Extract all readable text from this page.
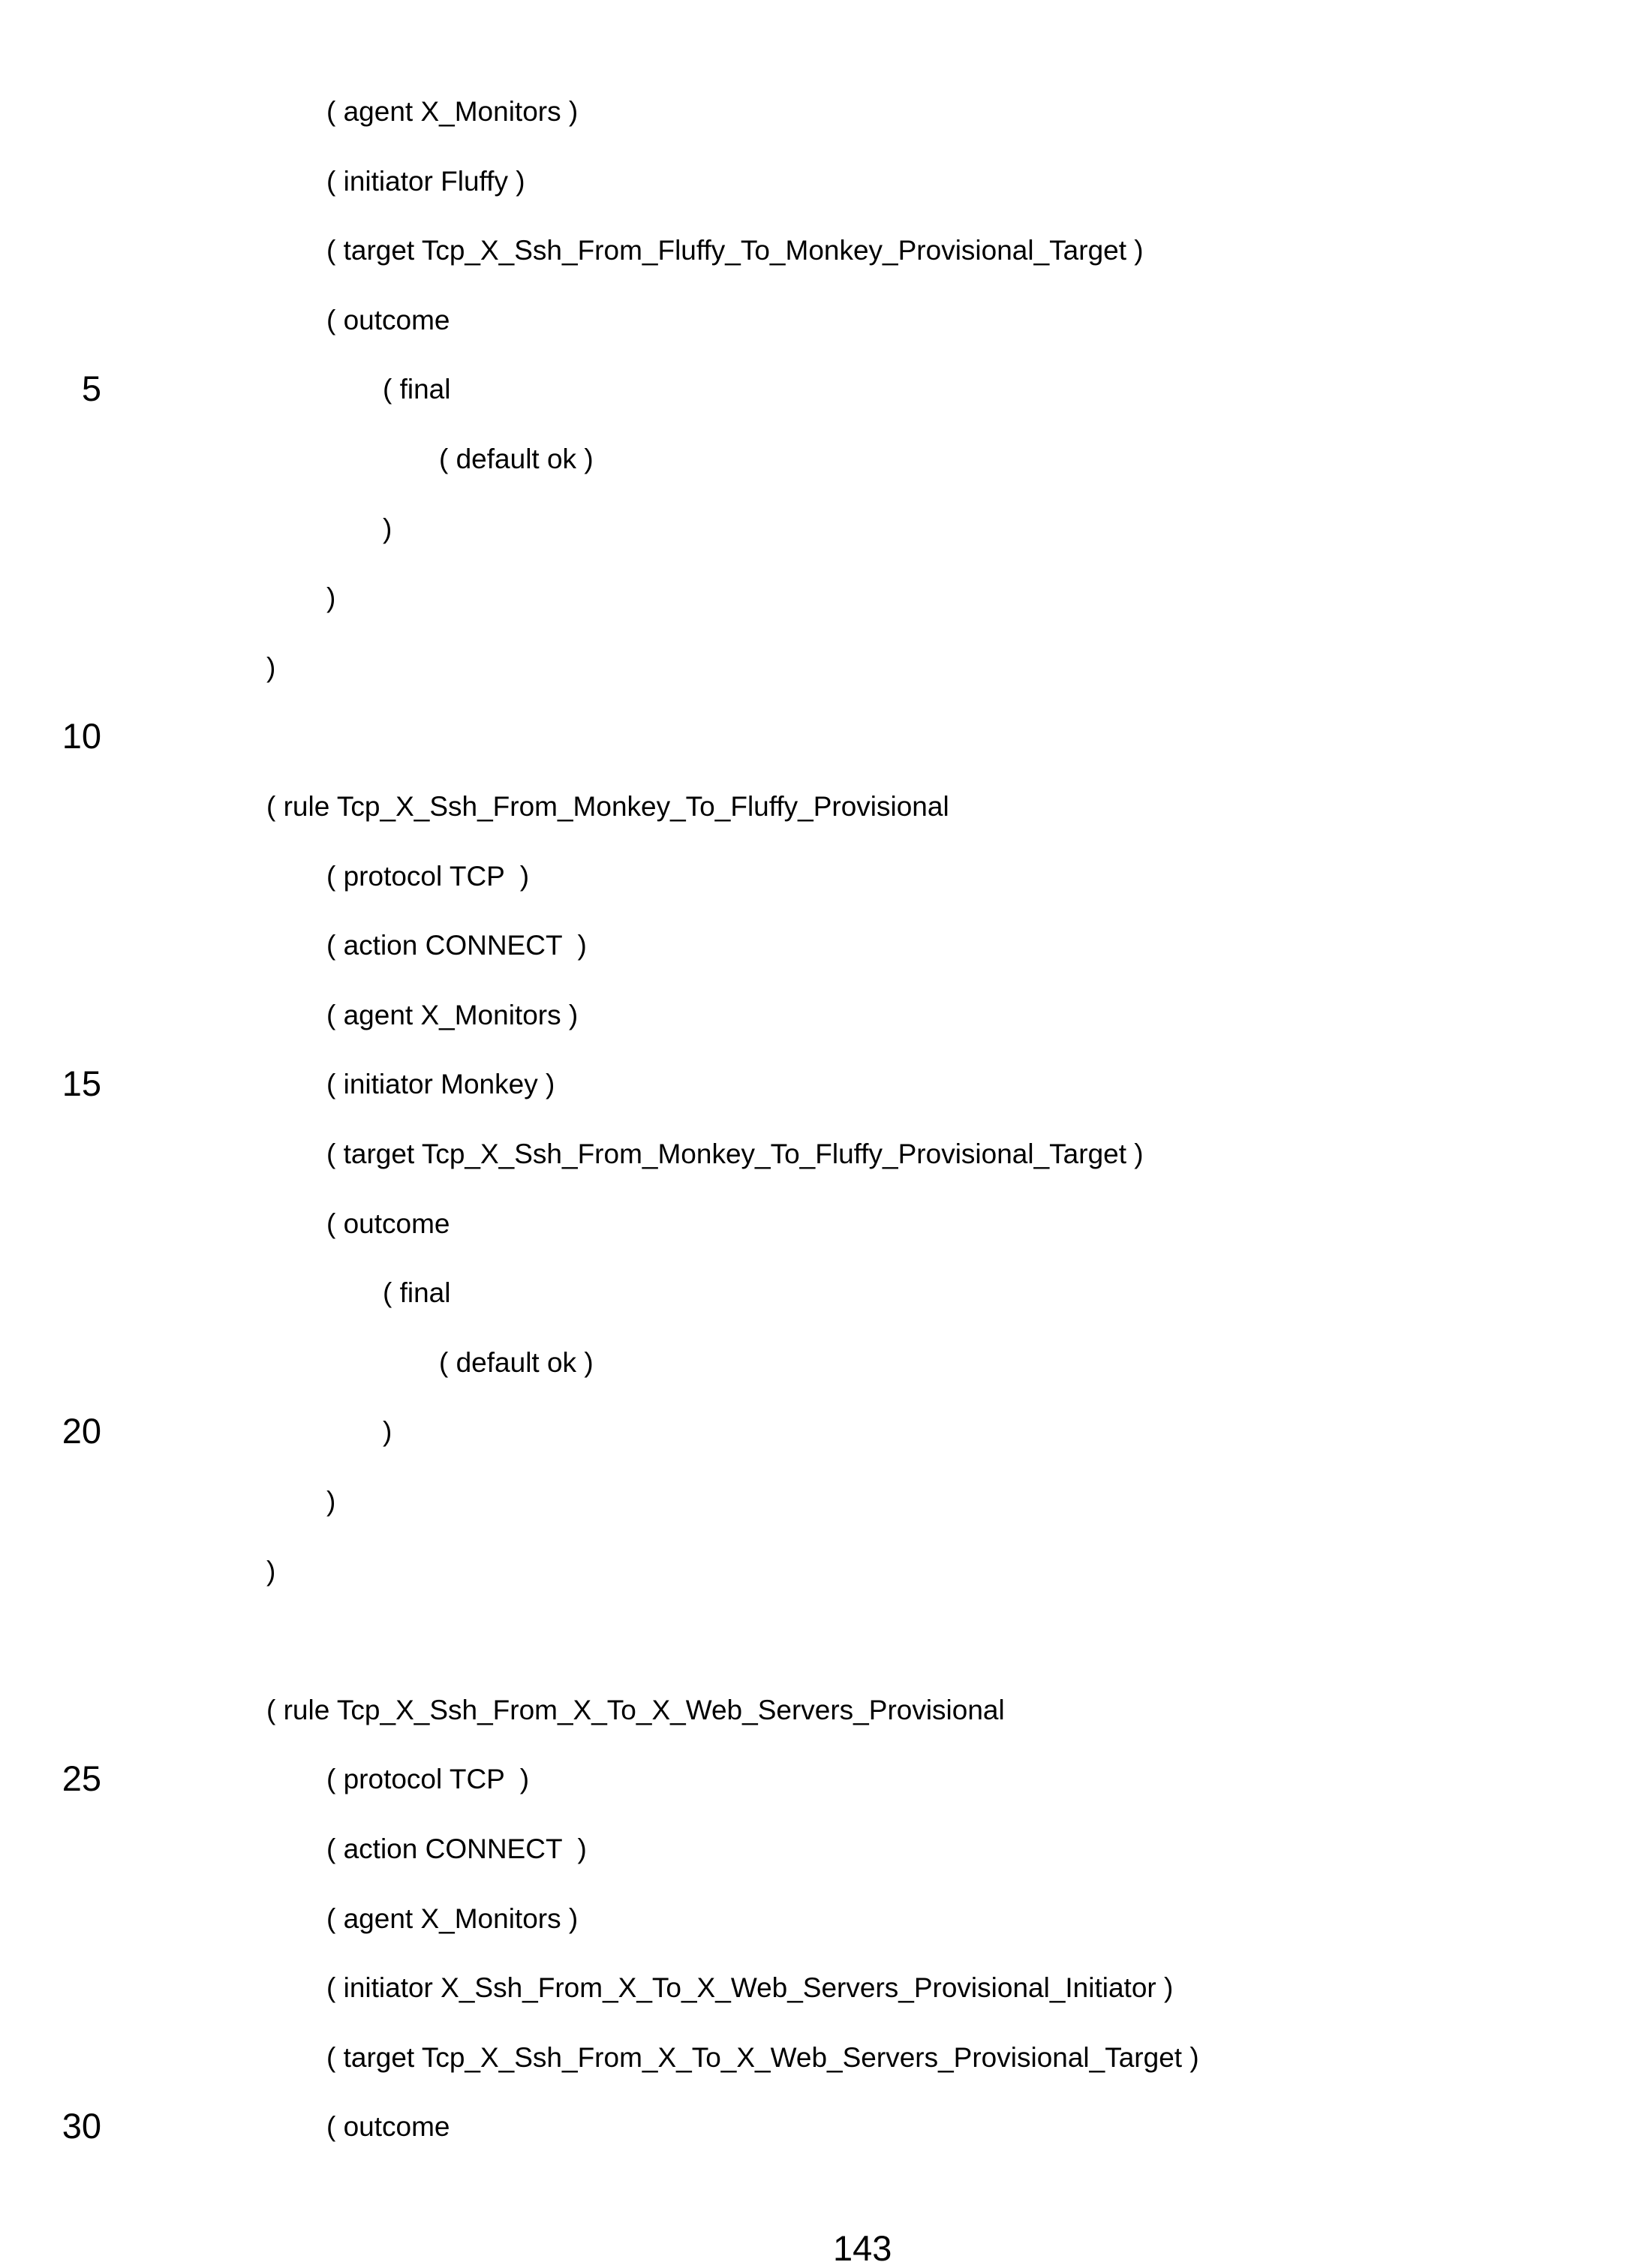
5
10
15
20
25
30
( agent X_Monitors )
( initiator Fluffy )
( target Tcp_X_Ssh_From_Fluffy_To_Monkey_Provisional_Target )
( outcome
( final
( default ok )
)
)
)
( rule Tcp_X_Ssh_From_Monkey_To_Fluffy_Provisional
( protocol TCP  )
( action CONNECT  )
( agent X_Monitors )
( initiator Monkey )
( target Tcp_X_Ssh_From_Monkey_To_Fluffy_Provisional_Target )
( outcome
( final
( default ok )
)
)
)
( rule Tcp_X_Ssh_From_X_To_X_Web_Servers_Provisional
( protocol TCP  )
( action CONNECT  )
( agent X_Monitors )
( initiator X_Ssh_From_X_To_X_Web_Servers_Provisional_Initiator )
( target Tcp_X_Ssh_From_X_To_X_Web_Servers_Provisional_Target )
( outcome
143
